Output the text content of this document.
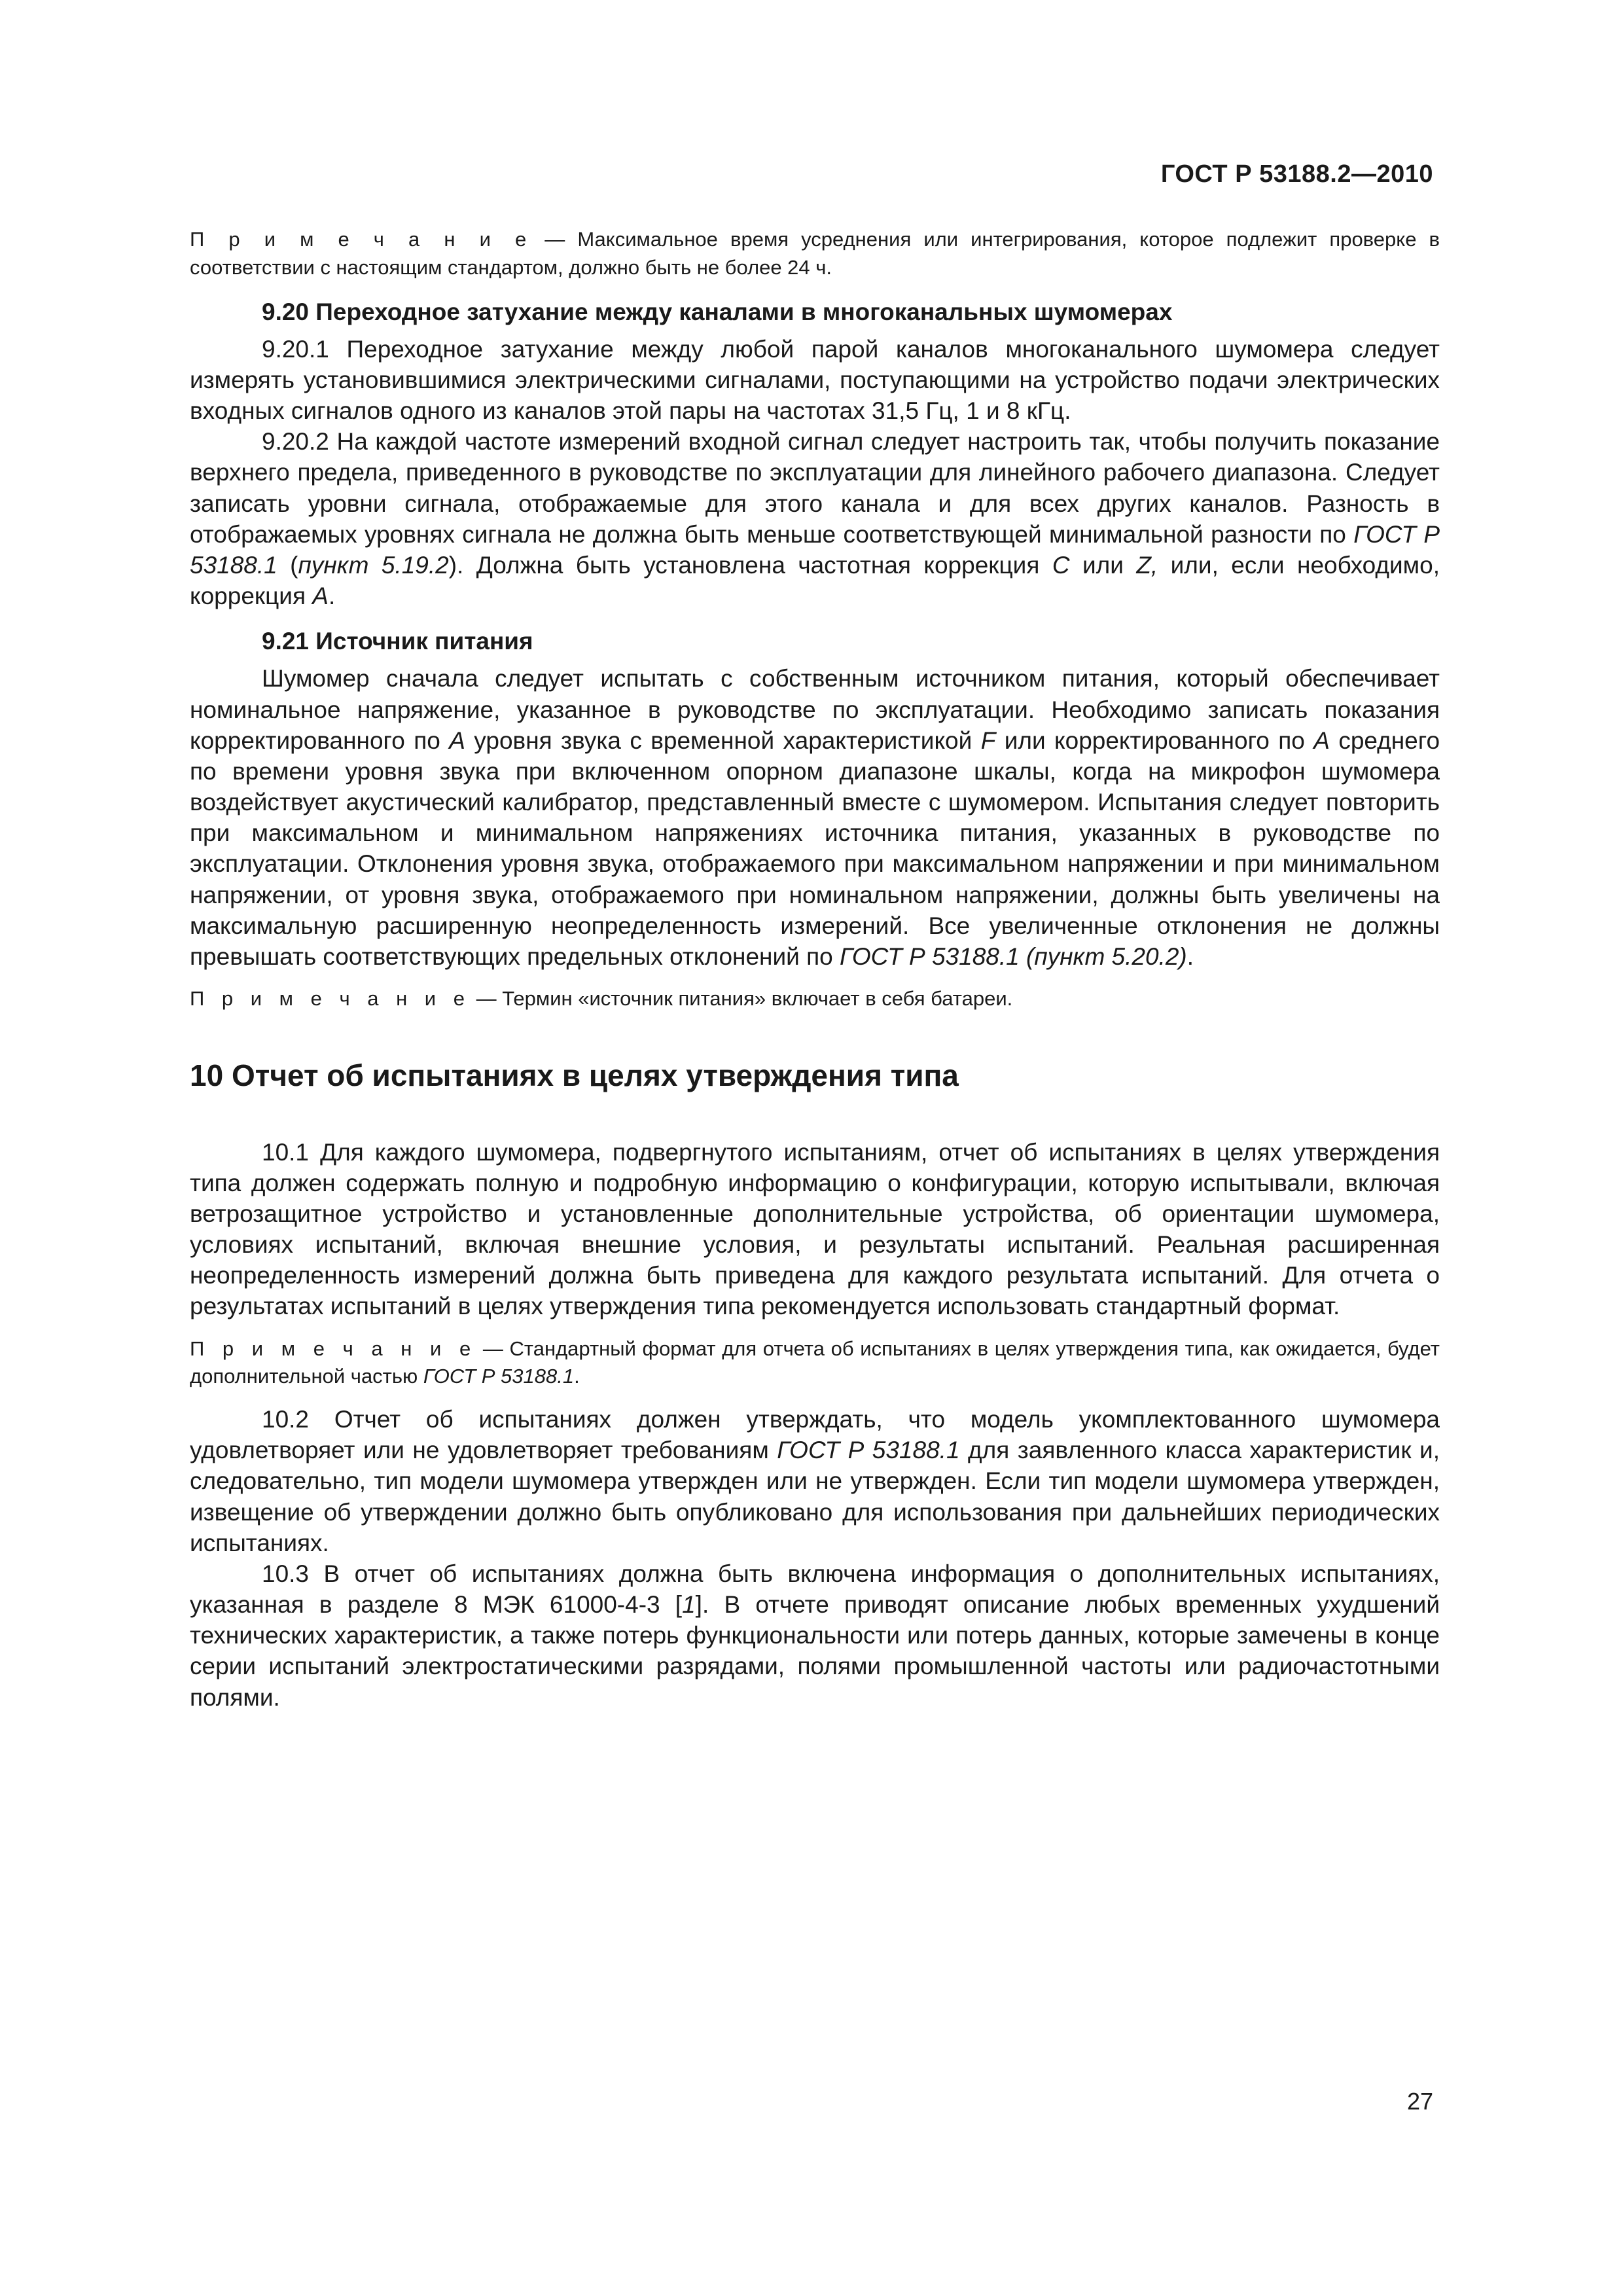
ГОСТ Р 53188.2—2010

П р и м е ч а н и е — Максимальное время усреднения или интегрирования, которое подлежит проверке в соответствии с настоящим стандартом, должно быть не более 24 ч.

9.20 Переходное затухание между каналами в многоканальных шумомерах

9.20.1 Переходное затухание между любой парой каналов многоканального шумомера следует измерять установившимися электрическими сигналами, поступающими на устройство подачи электрических входных сигналов одного из каналов этой пары на частотах 31,5 Гц, 1 и 8 кГц.

9.20.2 На каждой частоте измерений входной сигнал следует настроить так, чтобы получить показание верхнего предела, приведенного в руководстве по эксплуатации для линейного рабочего диапазона. Следует записать уровни сигнала, отображаемые для этого канала и для всех других каналов. Разность в отображаемых уровнях сигнала не должна быть меньше соответствующей минимальной разности по ГОСТ Р 53188.1 (пункт 5.19.2). Должна быть установлена частотная коррекция C или Z, или, если необходимо, коррекция A.

9.21 Источник питания

Шумомер сначала следует испытать с собственным источником питания, который обеспечивает номинальное напряжение, указанное в руководстве по эксплуатации. Необходимо записать показания корректированного по A уровня звука с временной характеристикой F или корректированного по A среднего по времени уровня звука при включенном опорном диапазоне шкалы, когда на микрофон шумомера воздействует акустический калибратор, представленный вместе с шумомером. Испытания следует повторить при максимальном и минимальном напряжениях источника питания, указанных в руководстве по эксплуатации. Отклонения уровня звука, отображаемого при максимальном напряжении и при минимальном напряжении, от уровня звука, отображаемого при номинальном напряжении, должны быть увеличены на максимальную расширенную неопределенность измерений. Все увеличенные отклонения не должны превышать соответствующих предельных отклонений по ГОСТ Р 53188.1 (пункт 5.20.2).

П р и м е ч а н и е — Термин «источник питания» включает в себя батареи.

10 Отчет об испытаниях в целях утверждения типа

10.1 Для каждого шумомера, подвергнутого испытаниям, отчет об испытаниях в целях утверждения типа должен содержать полную и подробную информацию о конфигурации, которую испытывали, включая ветрозащитное устройство и установленные дополнительные устройства, об ориентации шумомера, условиях испытаний, включая внешние условия, и результаты испытаний. Реальная расширенная неопределенность измерений должна быть приведена для каждого результата испытаний. Для отчета о результатах испытаний в целях утверждения типа рекомендуется использовать стандартный формат.

П р и м е ч а н и е — Стандартный формат для отчета об испытаниях в целях утверждения типа, как ожидается, будет дополнительной частью ГОСТ Р 53188.1.

10.2 Отчет об испытаниях должен утверждать, что модель укомплектованного шумомера удовлетворяет или не удовлетворяет требованиям ГОСТ Р 53188.1 для заявленного класса характеристик и, следовательно, тип модели шумомера утвержден или не утвержден. Если тип модели шумомера утвержден, извещение об утверждении должно быть опубликовано для использования при дальнейших периодических испытаниях.

10.3 В отчет об испытаниях должна быть включена информация о дополнительных испытаниях, указанная в разделе 8 МЭК 61000-4-3 [1]. В отчете приводят описание любых временных ухудшений технических характеристик, а также потерь функциональности или потерь данных, которые замечены в конце серии испытаний электростатическими разрядами, полями промышленной частоты или радиочастотными полями.

27
